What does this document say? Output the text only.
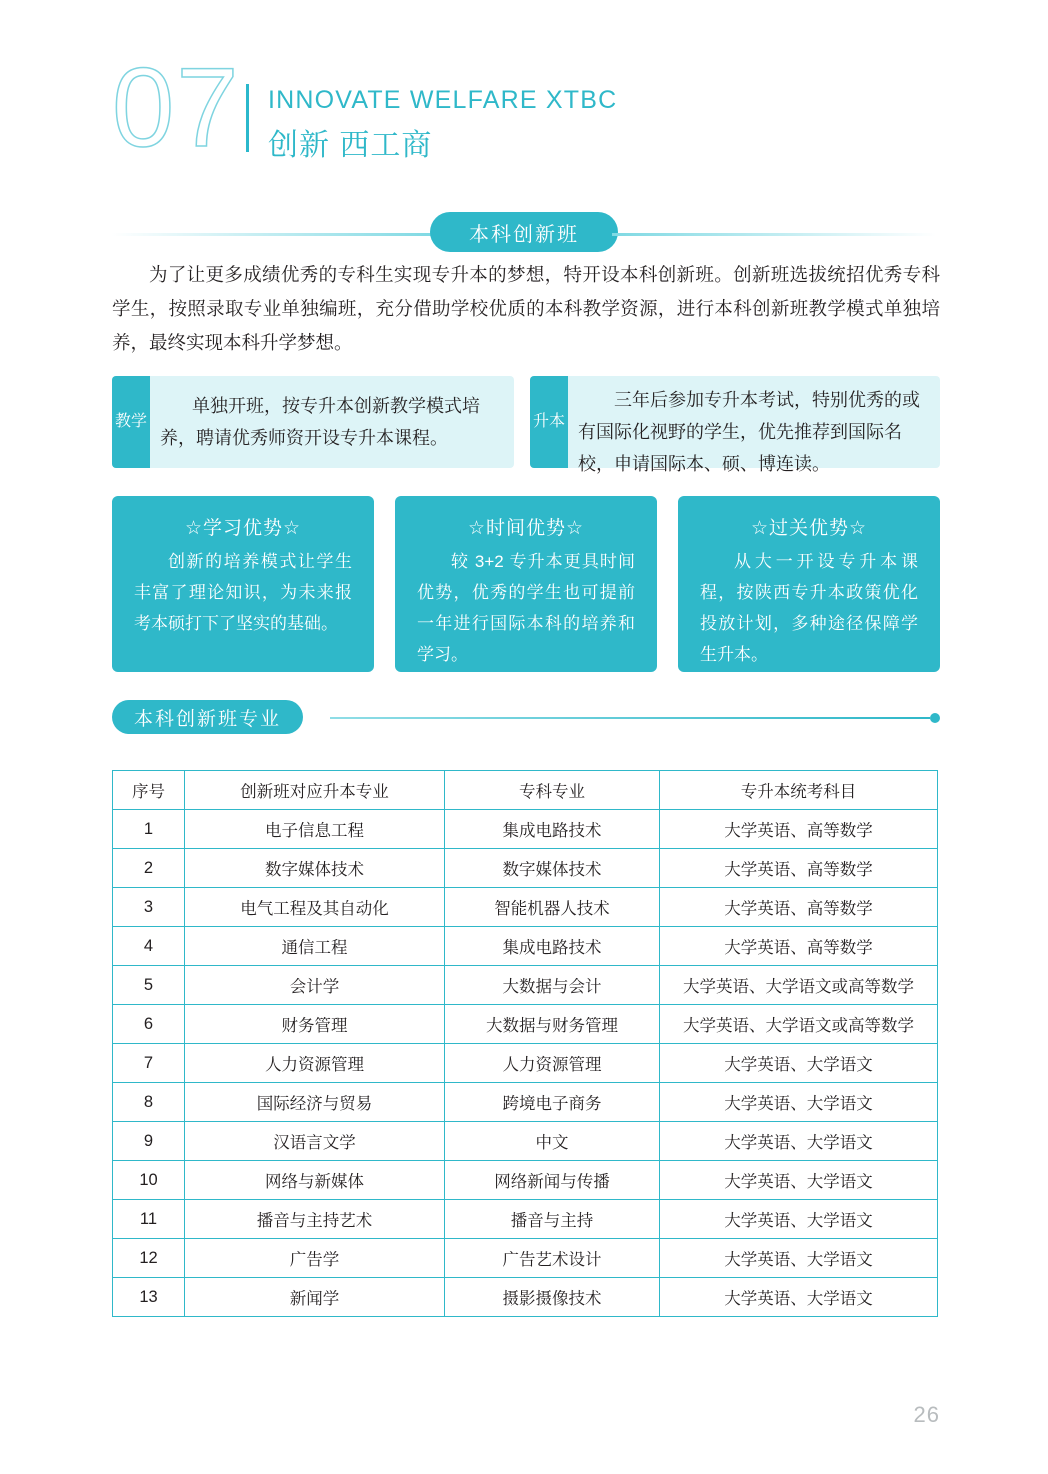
07 INNOVATE WELFARE XTBC
创新 西工商
本科创新班
为了让更多成绩优秀的专科生实现专升本的梦想，特开设本科创新班。创新班选拔统招优秀专科学生，按照录取专业单独编班，充分借助学校优质的本科教学资源，进行本科创新班教学模式单独培养，最终实现本科升学梦想。
教学
单独开班，按专升本创新教学模式培养，聘请优秀师资开设专升本课程。
升本
三年后参加专升本考试，特别优秀的或有国际化视野的学生，优先推荐到国际名校，申请国际本、硕、博连读。
☆学习优势☆
创新的培养模式让学生丰富了理论知识，为未来报考本硕打下了坚实的基础。
☆时间优势☆
较 3+2 专升本更具时间优势，优秀的学生也可提前一年进行国际本科的培养和学习。
☆过关优势☆
从大一开设专升本课程，按陕西专升本政策优化投放计划，多种途径保障学生升本。
本科创新班专业
序号	创新班对应升本专业	专科专业	专升本统考科目
1	电子信息工程	集成电路技术	大学英语、高等数学
2	数字媒体技术	数字媒体技术	大学英语、高等数学
3	电气工程及其自动化	智能机器人技术	大学英语、高等数学
4	通信工程	集成电路技术	大学英语、高等数学
5	会计学	大数据与会计	大学英语、大学语文或高等数学
6	财务管理	大数据与财务管理	大学英语、大学语文或高等数学
7	人力资源管理	人力资源管理	大学英语、大学语文
8	国际经济与贸易	跨境电子商务	大学英语、大学语文
9	汉语言文学	中文	大学英语、大学语文
10	网络与新媒体	网络新闻与传播	大学英语、大学语文
11	播音与主持艺术	播音与主持	大学英语、大学语文
12	广告学	广告艺术设计	大学英语、大学语文
13	新闻学	摄影摄像技术	大学英语、大学语文
26
